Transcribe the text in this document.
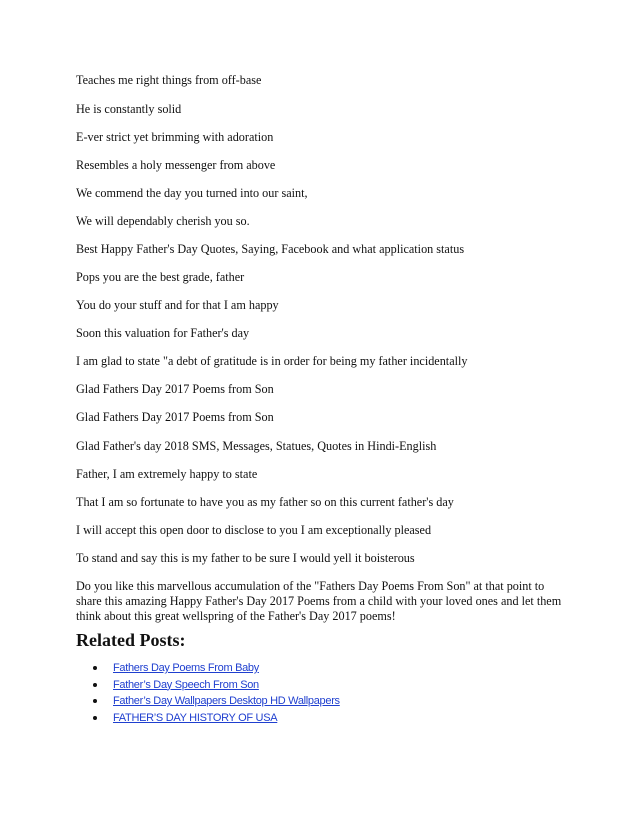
Teaches me right things from off-base

He is constantly solid

E-ver strict yet brimming with adoration

Resembles a holy messenger from above

We commend the day you turned into our saint,

We will dependably cherish you so.

Best Happy Father's Day Quotes, Saying, Facebook and what application status

Pops you are the best grade, father

You do your stuff and for that I am happy

Soon this valuation for Father's day

I am glad to state "a debt of gratitude is in order for being my father incidentally

Glad Fathers Day 2017 Poems from Son

Glad Fathers Day 2017 Poems from Son

Glad Father's day 2018 SMS, Messages, Statues, Quotes in Hindi-English

Father, I am extremely happy to state

That I am so fortunate to have you as my father so on this current father's day

I will accept this open door to disclose to you I am exceptionally pleased

To stand and say this is my father to be sure I would yell it boisterous

Do you like this marvellous accumulation of the "Fathers Day Poems From Son" at that point to share this amazing Happy Father's Day 2017 Poems from a child with your loved ones and let them think about this great wellspring of the Father's Day 2017 poems!

Related Posts:
Fathers Day Poems From Baby
Father’s Day Speech From Son
Father’s Day Wallpapers Desktop HD Wallpapers
FATHER’S DAY HISTORY OF USA
